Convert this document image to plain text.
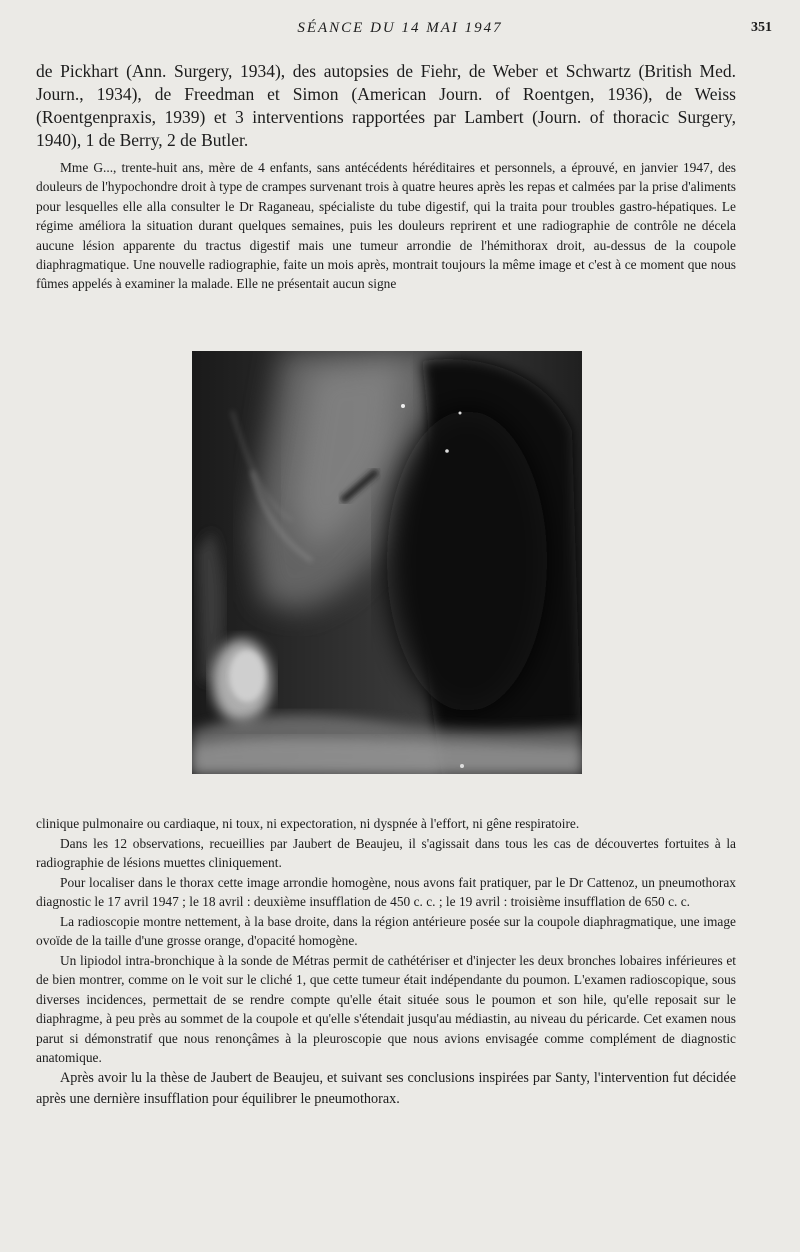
SÉANCE DU 14 MAI 1947	351

de Pickhart (Ann. Surgery, 1934), des autopsies de Fiehr, de Weber et Schwartz (British Med. Journ., 1934), de Freedman et Simon (American Journ. of Roentgen, 1936), de Weiss (Roentgenpraxis, 1939) et 3 interventions rapportées par Lambert (Journ. of thoracic Surgery, 1940), 1 de Berry, 2 de Butler.

Mme G..., trente-huit ans, mère de 4 enfants, sans antécédents héréditaires et personnels, a éprouvé, en janvier 1947, des douleurs de l'hypochondre droit à type de crampes survenant trois à quatre heures après les repas et calmées par la prise d'aliments pour lesquelles elle alla consulter le Dr Raganeau, spécialiste du tube digestif, qui la traita pour troubles gastro-hépatiques. Le régime améliora la situation durant quelques semaines, puis les douleurs reprirent et une radiographie de contrôle ne décela aucune lésion apparente du tractus digestif mais une tumeur arrondie de l'hémithorax droit, au-dessus de la coupole diaphragmatique. Une nouvelle radiographie, faite un mois après, montrait toujours la même image et c'est à ce moment que nous fûmes appelés à examiner la malade. Elle ne présentait aucun signe

clinique pulmonaire ou cardiaque, ni toux, ni expectoration, ni dyspnée à l'effort, ni gêne respiratoire.

Dans les 12 observations, recueillies par Jaubert de Beaujeu, il s'agissait dans tous les cas de découvertes fortuites à la radiographie de lésions muettes cliniquement.

Pour localiser dans le thorax cette image arrondie homogène, nous avons fait pratiquer, par le Dr Cattenoz, un pneumothorax diagnostic le 17 avril 1947 ; le 18 avril : deuxième insufflation de 450 c. c. ; le 19 avril : troisième insufflation de 650 c. c.

La radioscopie montre nettement, à la base droite, dans la région antérieure posée sur la coupole diaphragmatique, une image ovoïde de la taille d'une grosse orange, d'opacité homogène.

Un lipiodol intra-bronchique à la sonde de Métras permit de cathétériser et d'injecter les deux bronches lobaires inférieures et de bien montrer, comme on le voit sur le cliché 1, que cette tumeur était indépendante du poumon. L'examen radioscopique, sous diverses incidences, permettait de se rendre compte qu'elle était située sous le poumon et son hile, qu'elle reposait sur le diaphragme, à peu près au sommet de la coupole et qu'elle s'étendait jusqu'au médiastin, au niveau du péricarde. Cet examen nous parut si démonstratif que nous renonçâmes à la pleuroscopie que nous avions envisagée comme complément de diagnostic anatomique.

Après avoir lu la thèse de Jaubert de Beaujeu, et suivant ses conclusions inspirées par Santy, l'intervention fut décidée après une dernière insufflation pour équilibrer le pneumothorax.
